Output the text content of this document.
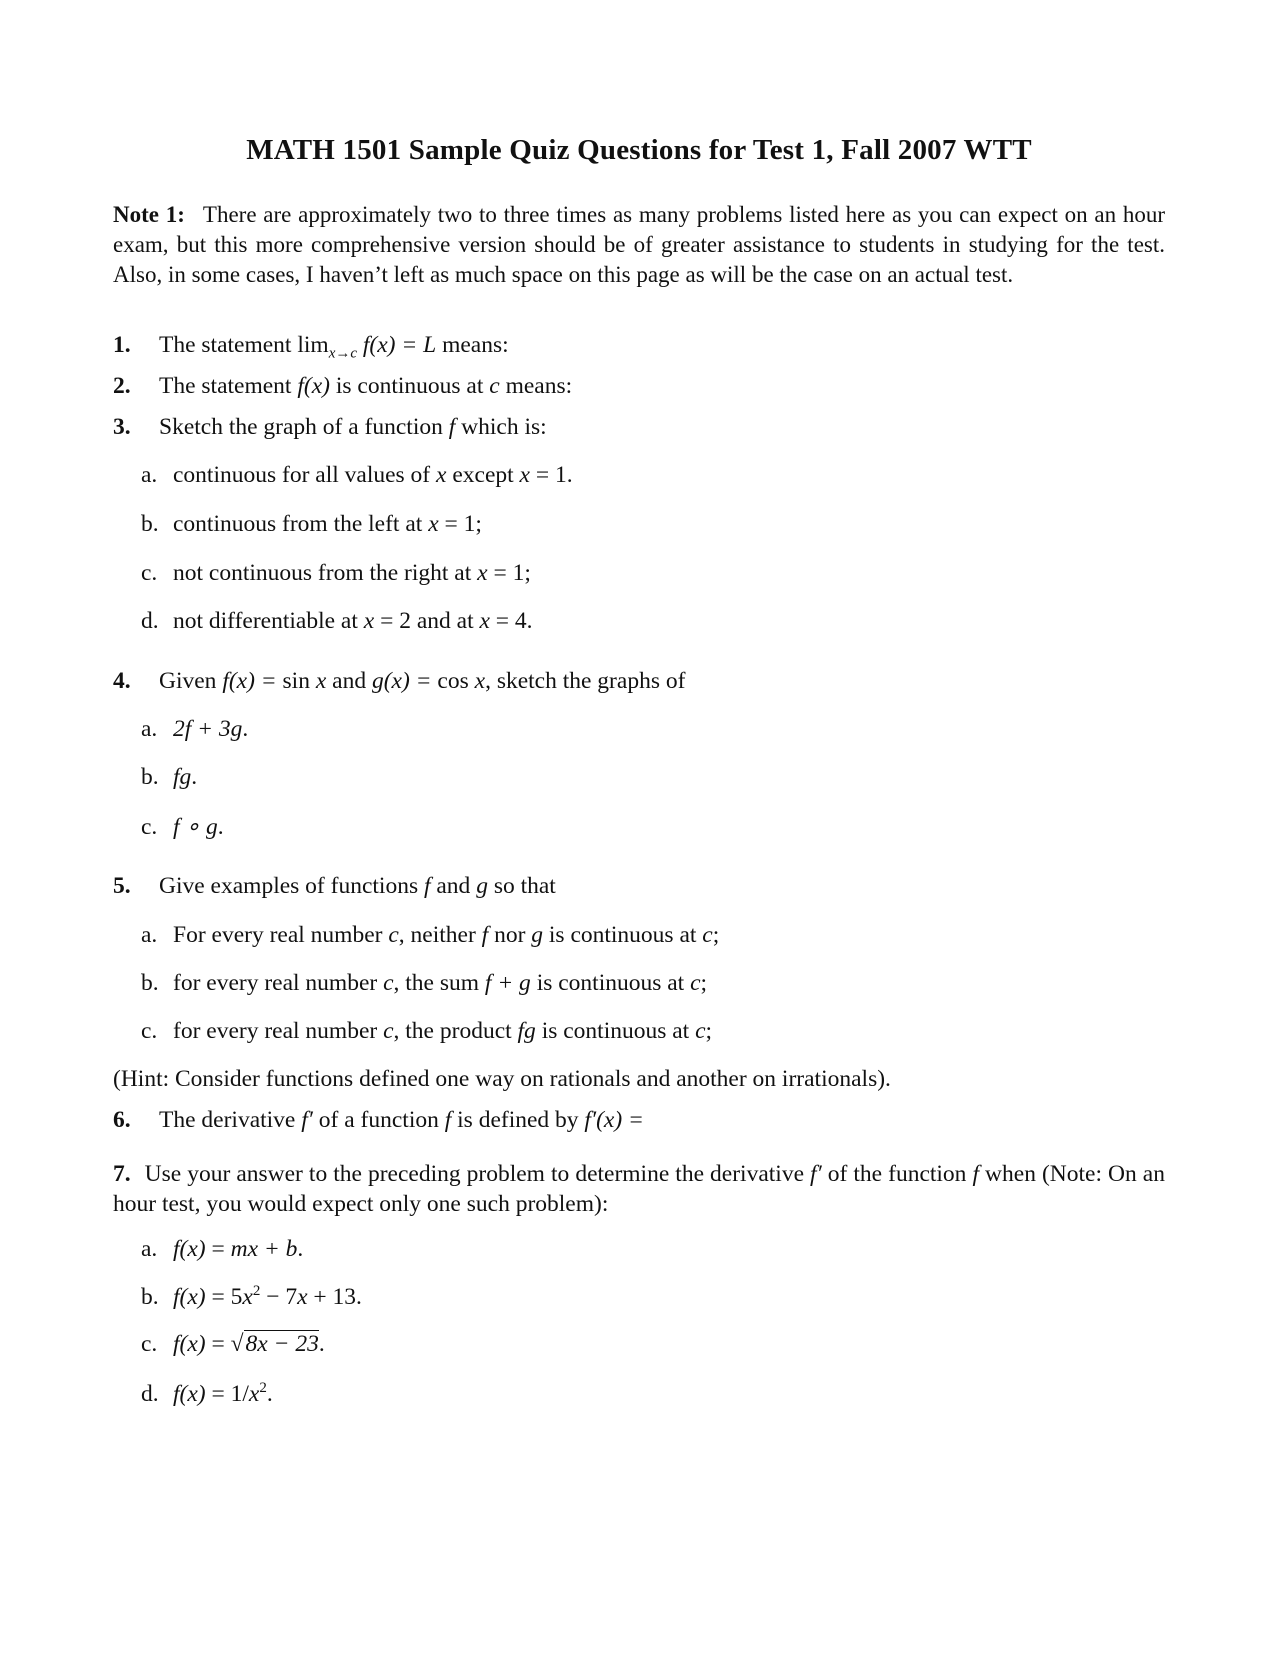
MATH 1501 Sample Quiz Questions for Test 1, Fall 2007 WTT
Note 1: There are approximately two to three times as many problems listed here as you can expect on an hour exam, but this more comprehensive version should be of greater assistance to students in studying for the test. Also, in some cases, I haven’t left as much space on this page as will be the case on an actual test.
1. The statement $\lim_{x\to c} f(x) = L$ means:
2. The statement f(x) is continuous at c means:
3. Sketch the graph of a function f which is:
a. continuous for all values of x except x = 1.
b. continuous from the left at x = 1;
c. not continuous from the right at x = 1;
d. not differentiable at x = 2 and at x = 4.
4. Given f(x) = sin x and g(x) = cos x, sketch the graphs of
a. 2f + 3g.
b. fg.
c. f ∘ g.
5. Give examples of functions f and g so that
a. For every real number c, neither f nor g is continuous at c;
b. for every real number c, the sum f + g is continuous at c;
c. for every real number c, the product fg is continuous at c;
(Hint: Consider functions defined one way on rationals and another on irrationals).
6. The derivative f′ of a function f is defined by f′(x) =
7. Use your answer to the preceding problem to determine the derivative f′ of the function f when (Note: On an hour test, you would expect only one such problem):
a. f(x) = mx + b.
b. $f(x) = 5x^2 - 7x + 13$.
c. f(x) = √8x − 23.
d. $f(x) = 1/x^2$.
